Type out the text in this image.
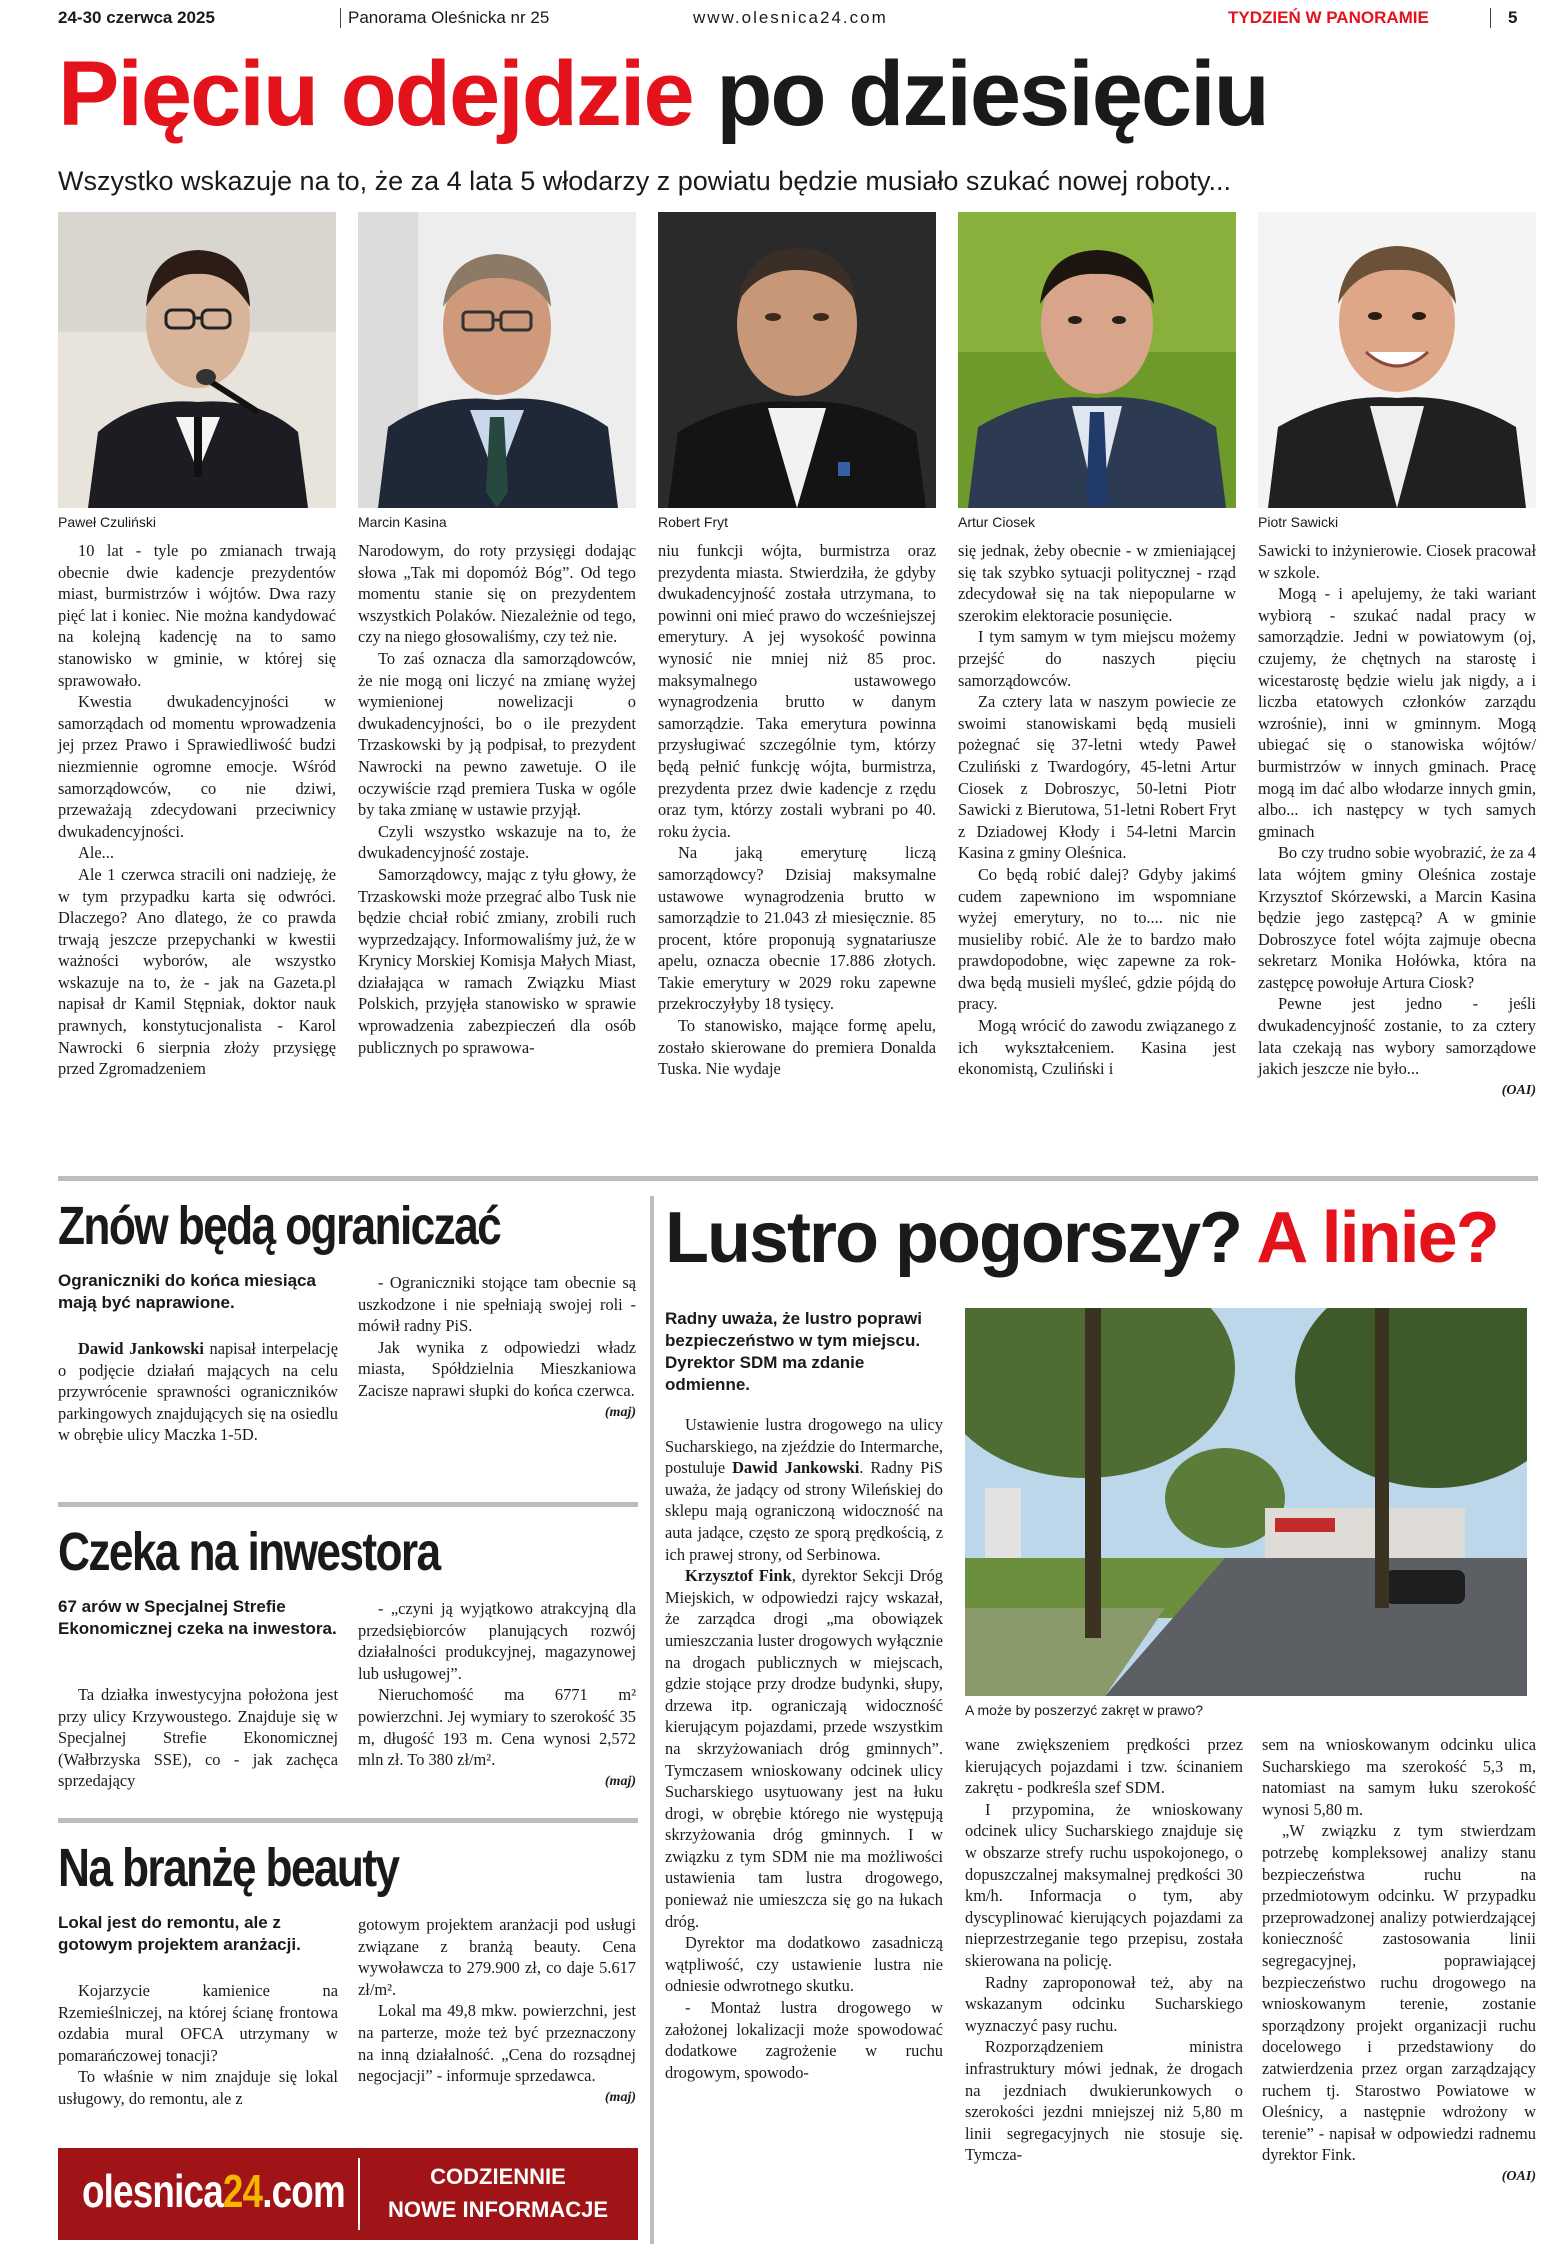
24-30 czerwca 2025	Panorama Oleśnicka nr 25	www.olesnica24.com	TYDZIEŃ W PANORAMIE	5
Pięciu odejdzie po dziesięciu
Wszystko wskazuje na to, że za 4 lata 5 włodarzy z powiatu będzie musiało szukać nowej roboty...
Paweł Czuliński	Marcin Kasina	Robert Fryt	Artur Ciosek	Piotr Sawicki

10 lat - tyle po zmianach trwają obecnie dwie kadencje prezydentów miast, burmistrzów i wójtów. Dwa razy pięć lat i koniec. Nie można kandydować na kolejną kadencję na to samo stanowisko w gminie, w której się sprawowało.

Kwestia dwukadencyjności w samorządach od momentu wprowadzenia jej przez Prawo i Sprawiedliwość budzi niezmiennie ogromne emocje. Wśród samorządowców, co nie dziwi, przeważają zdecydowani przeciwnicy dwukadencyjności.

Ale...

Ale 1 czerwca stracili oni nadzieję, że w tym przypadku karta się odwróci. Dlaczego? Ano dlatego, że co prawda trwają jeszcze przepychanki w kwestii ważności wyborów, ale wszystko wskazuje na to, że - jak na Gazeta.pl napisał dr Kamil Stępniak, doktor nauk prawnych, konstytucjonalista - Karol Nawrocki 6 sierpnia złoży przysięgę przed Zgromadzeniem

Narodowym, do roty przysięgi dodając słowa „Tak mi dopomóż Bóg”. Od tego momentu stanie się on prezydentem wszystkich Polaków. Niezależnie od tego, czy na niego głosowaliśmy, czy też nie.

To zaś oznacza dla samorządowców, że nie mogą oni liczyć na zmianę wyżej wymienionej nowelizacji o dwukadencyjności, bo o ile prezydent Trzaskowski by ją podpisał, to prezydent Nawrocki na pewno zawetuje. O ile oczywiście rząd premiera Tuska w ogóle by taka zmianę w ustawie przyjął.

Czyli wszystko wskazuje na to, że dwukadencyjność zostaje.

Samorządowcy, mając z tyłu głowy, że Trzaskowski może przegrać albo Tusk nie będzie chciał robić zmiany, zrobili ruch wyprzedzający. Informowaliśmy już, że w Krynicy Morskiej Komisja Małych Miast, działająca w ramach Związku Miast Polskich, przyjęła stanowisko w sprawie wprowadzenia zabezpieczeń dla osób publicznych po sprawowa-

niu funkcji wójta, burmistrza oraz prezydenta miasta. Stwierdziła, że gdyby dwukadencyjność została utrzymana, to powinni oni mieć prawo do wcześniejszej emerytury. A jej wysokość powinna wynosić nie mniej niż 85 proc. maksymalnego ustawowego wynagrodzenia brutto w danym samorządzie. Taka emerytura powinna przysługiwać szczególnie tym, którzy będą pełnić funkcję wójta, burmistrza, prezydenta przez dwie kadencje z rzędu oraz tym, którzy zostali wybrani po 40. roku życia.

Na jaką emeryturę liczą samorządowcy? Dzisiaj maksymalne ustawowe wynagrodzenia brutto w samorządzie to 21.043 zł miesięcznie. 85 procent, które proponują sygnatariusze apelu, oznacza obecnie 17.886 złotych. Takie emerytury w 2029 roku zapewne przekroczyłyby 18 tysięcy.

To stanowisko, mające formę apelu, zostało skierowane do premiera Donalda Tuska. Nie wydaje

się jednak, żeby obecnie - w zmieniającej się tak szybko sytuacji politycznej - rząd zdecydował się na tak niepopularne w szerokim elektoracie posunięcie.

I tym samym w tym miejscu możemy przejść do naszych pięciu samorządowców.

Za cztery lata w naszym powiecie ze swoimi stanowiskami będą musieli pożegnać się 37-letni wtedy Paweł Czuliński z Twardogóry, 45-letni Artur Ciosek z Dobroszyc, 50-letni Piotr Sawicki z Bierutowa, 51-letni Robert Fryt z Dziadowej Kłody i 54-letni Marcin Kasina z gminy Oleśnica.

Co będą robić dalej? Gdyby jakimś cudem zapewniono im wspomniane wyżej emerytury, no to.... nic nie musieliby robić. Ale że to bardzo mało prawdopodobne, więc zapewne za rok-dwa będą musieli myśleć, gdzie pójdą do pracy.

Mogą wrócić do zawodu związanego z ich wykształceniem. Kasina jest ekonomistą, Czuliński i

Sawicki to inżynierowie. Ciosek pracował w szkole.

Mogą - i apelujemy, że taki wariant wybiorą - szukać nadal pracy w samorządzie. Jedni w powiatowym (oj, czujemy, że chętnych na starostę i wicestarostę będzie wielu jak nigdy, a i liczba etatowych członków zarządu wzrośnie), inni w gminnym. Mogą ubiegać się o stanowiska wójtów/ burmistrzów w innych gminach. Pracę mogą im dać albo włodarze innych gmin, albo... ich następcy w tych samych gminach

Bo czy trudno sobie wyobrazić, że za 4 lata wójtem gminy Oleśnica zostaje Krzysztof Skórzewski, a Marcin Kasina będzie jego zastępcą? A w gminie Dobroszyce fotel wójta zajmuje obecna sekretarz Monika Hołówka, która na zastępcę powołuje Artura Ciosk?

Pewne jest jedno - jeśli dwukadencyjność zostanie, to za cztery lata czekają nas wybory samorządowe jakich jeszcze nie było...

(OAI)
Znów będą ograniczać
Ograniczniki do końca miesiąca mają być naprawione.

Dawid Jankowski napisał interpelację o podjęcie działań mających na celu przywrócenie sprawności ograniczników parkingowych znajdujących się na osiedlu w obrębie ulicy Maczka 1-5D.

- Ograniczniki stojące tam obecnie są uszkodzone i nie spełniają swojej roli - mówił radny PiS.

Jak wynika z odpowiedzi władz miasta, Spółdzielnia Mieszkaniowa Zacisze naprawi słupki do końca czerwca.

(maj)
Czeka na inwestora
67 arów w Specjalnej Strefie Ekonomicznej czeka na inwestora.

Ta działka inwestycyjna położona jest przy ulicy Krzywoustego. Znajduje się w Specjalnej Strefie Ekonomicznej (Wałbrzyska SSE), co - jak zachęca sprzedający

- „czyni ją wyjątkowo atrakcyjną dla przedsiębiorców planujących rozwój działalności produkcyjnej, magazynowej lub usługowej”.

Nieruchomość ma 6771 m² powierzchni. Jej wymiary to szerokość 35 m, długość 193 m. Cena wynosi 2,572 mln zł. To 380 zł/m².

(maj)
Na branżę beauty
Lokal jest do remontu, ale z gotowym projektem aranżacji.

Kojarzycie kamienice na Rzemieślniczej, na której ścianę frontowa ozdabia mural OFCA utrzymany w pomarańczowej tonacji?

To właśnie w nim znajduje się lokal usługowy, do remontu, ale z

gotowym projektem aranżacji pod usługi związane z branżą beauty. Cena wywoławcza to 279.900 zł, co daje 5.617 zł/m².

Lokal ma 49,8 mkw. powierzchni, jest na parterze, może też być przeznaczony na inną działalność. „Cena do rozsądnej negocjacji” - informuje sprzedawca.

(maj)
olesnica24.com	CODZIENNIE
NOWE INFORMACJE
Lustro pogorszy? A linie?
Radny uważa, że lustro poprawi bezpieczeństwo w tym miejscu. Dyrektor SDM ma zdanie odmienne.
A może by poszerzyć zakręt w prawo?

Ustawienie lustra drogowego na ulicy Sucharskiego, na zjeździe do Intermarche, postuluje Dawid Jankowski. Radny PiS uważa, że jadący od strony Wileńskiej do sklepu mają ograniczoną widoczność na auta jadące, często ze sporą prędkością, z ich prawej strony, od Serbinowa.

Krzysztof Fink, dyrektor Sekcji Dróg Miejskich, w odpowiedzi rajcy wskazał, że zarządca drogi „ma obowiązek umieszczania luster drogowych wyłącznie na drogach publicznych w miejscach, gdzie stojące przy drodze budynki, słupy, drzewa itp. ograniczają widoczność kierującym pojazdami, przede wszystkim na skrzyżowaniach dróg gminnych”. Tymczasem wnioskowany odcinek ulicy Sucharskiego usytuowany jest na łuku drogi, w obrębie którego nie występują skrzyżowania dróg gminnych. I w związku z tym SDM nie ma możliwości ustawienia tam lustra drogowego, ponieważ nie umieszcza się go na łukach dróg.

Dyrektor ma dodatkowo zasadniczą wątpliwość, czy ustawienie lustra nie odniesie odwrotnego skutku.

- Montaż lustra drogowego w założonej lokalizacji może spowodować dodatkowe zagrożenie w ruchu drogowym, spowodo-

wane zwiększeniem prędkości przez kierujących pojazdami i tzw. ścinaniem zakrętu - podkreśla szef SDM.

I przypomina, że wnioskowany odcinek ulicy Sucharskiego znajduje się w obszarze strefy ruchu uspokojonego, o dopuszczalnej maksymalnej prędkości 30 km/h. Informacja o tym, aby dyscyplinować kierujących pojazdami za nieprzestrzeganie tego przepisu, została skierowana na policję.

Radny zaproponował też, aby na wskazanym odcinku Sucharskiego wyznaczyć pasy ruchu.

Rozporządzeniem ministra infrastruktury mówi jednak, że drogach na jezdniach dwukierunkowych o szerokości jezdni mniejszej niż 5,80 m linii segregacyjnych nie stosuje się. Tymcza-

sem na wnioskowanym odcinku ulica Sucharskiego ma szerokość 5,3 m, natomiast na samym łuku szerokość wynosi 5,80 m.

„W związku z tym stwierdzam potrzebę kompleksowej analizy stanu bezpieczeństwa ruchu na przedmiotowym odcinku. W przypadku przeprowadzonej analizy potwierdzającej konieczność zastosowania linii segregacyjnej, poprawiającej bezpieczeństwo ruchu drogowego na wnioskowanym terenie, zostanie sporządzony projekt organizacji ruchu docelowego i przedstawiony do zatwierdzenia przez organ zarządzający ruchem tj. Starostwo Powiatowe w Oleśnicy, a następnie wdrożony w terenie” - napisał w odpowiedzi radnemu dyrektor Fink.

(OAI)
